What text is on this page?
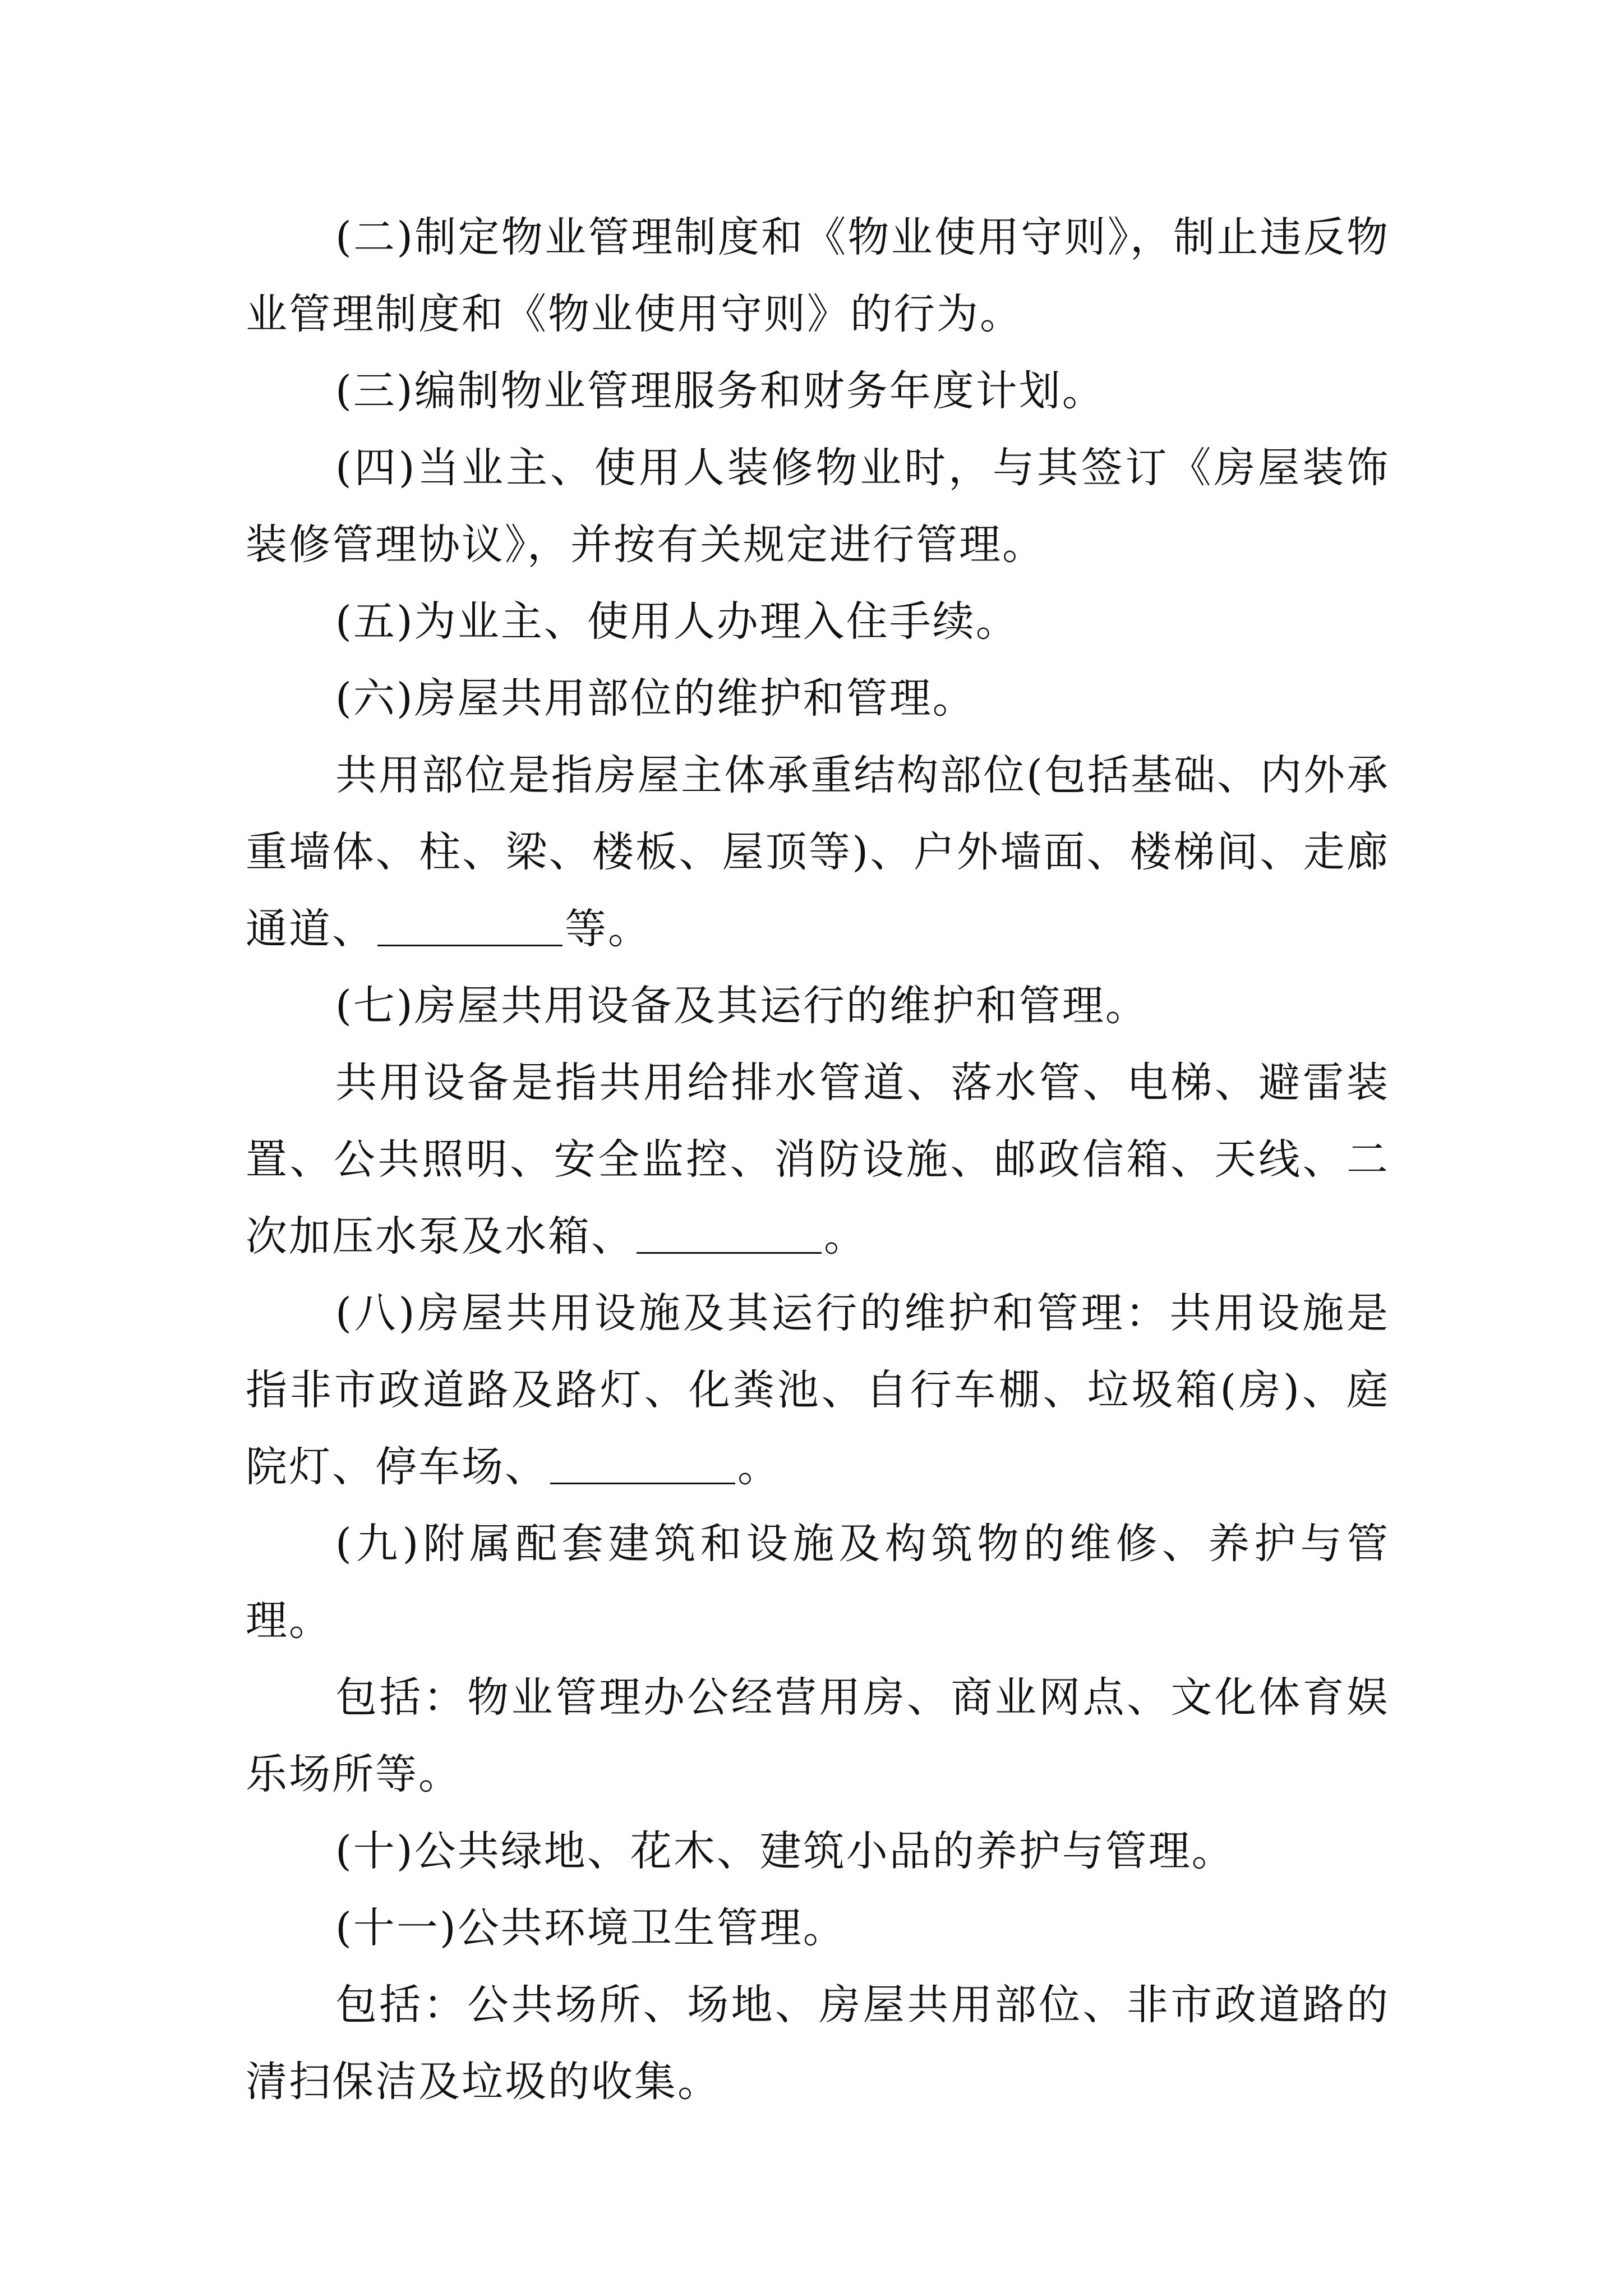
(二)制定物业管理制度和《物业使用守则》，制止违反物业管理制度和《物业使用守则》的行为。

(三)编制物业管理服务和财务年度计划。

(四)当业主、使用人装修物业时，与其签订《房屋装饰装修管理协议》，并按有关规定进行管理。

(五)为业主、使用人办理入住手续。

(六)房屋共用部位的维护和管理。

共用部位是指房屋主体承重结构部位(包括基础、内外承重墙体、柱、梁、楼板、屋顶等)、户外墙面、楼梯间、走廊通道、	等。

(七)房屋共用设备及其运行的维护和管理。

共用设备是指共用给排水管道、落水管、电梯、避雷装置、公共照明、安全监控、消防设施、邮政信箱、天线、二次加压水泵及水箱、	。

(八)房屋共用设施及其运行的维护和管理：共用设施是指非市政道路及路灯、化粪池、自行车棚、垃圾箱(房)、庭院灯、停车场、	。

(九)附属配套建筑和设施及构筑物的维修、养护与管理。

包括：物业管理办公经营用房、商业网点、文化体育娱乐场所等。

(十)公共绿地、花木、建筑小品的养护与管理。

(十一)公共环境卫生管理。

包括：公共场所、场地、房屋共用部位、非市政道路的清扫保洁及垃圾的收集。
